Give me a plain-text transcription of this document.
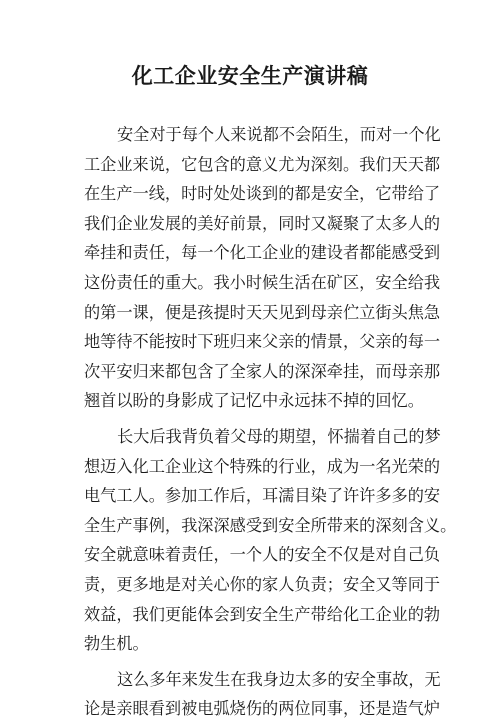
化工企业安全生产演讲稿
安全对于每个人来说都不会陌生，而对一个化
工企业来说，它包含的意义尤为深刻。我们天天都
在生产一线，时时处处谈到的都是安全，它带给了
我们企业发展的美好前景，同时又凝聚了太多人的
牵挂和责任，每一个化工企业的建设者都能感受到
这份责任的重大。我小时候生活在矿区，安全给我
的第一课，便是孩提时天天见到母亲伫立街头焦急
地等待不能按时下班归来父亲的情景，父亲的每一
次平安归来都包含了全家人的深深牵挂，而母亲那
翘首以盼的身影成了记忆中永远抹不掉的回忆。
长大后我背负着父母的期望，怀揣着自己的梦
想迈入化工企业这个特殊的行业，成为一名光荣的
电气工人。参加工作后，耳濡目染了许许多多的安
全生产事例，我深深感受到安全所带来的深刻含义。
安全就意味着责任，一个人的安全不仅是对自己负
责，更多地是对关心你的家人负责；安全又等同于
效益，我们更能体会到安全生产带给化工企业的勃
勃生机。
这么多年来发生在我身边太多的安全事故，无
论是亲眼看到被电弧烧伤的两位同事，还是造气炉
